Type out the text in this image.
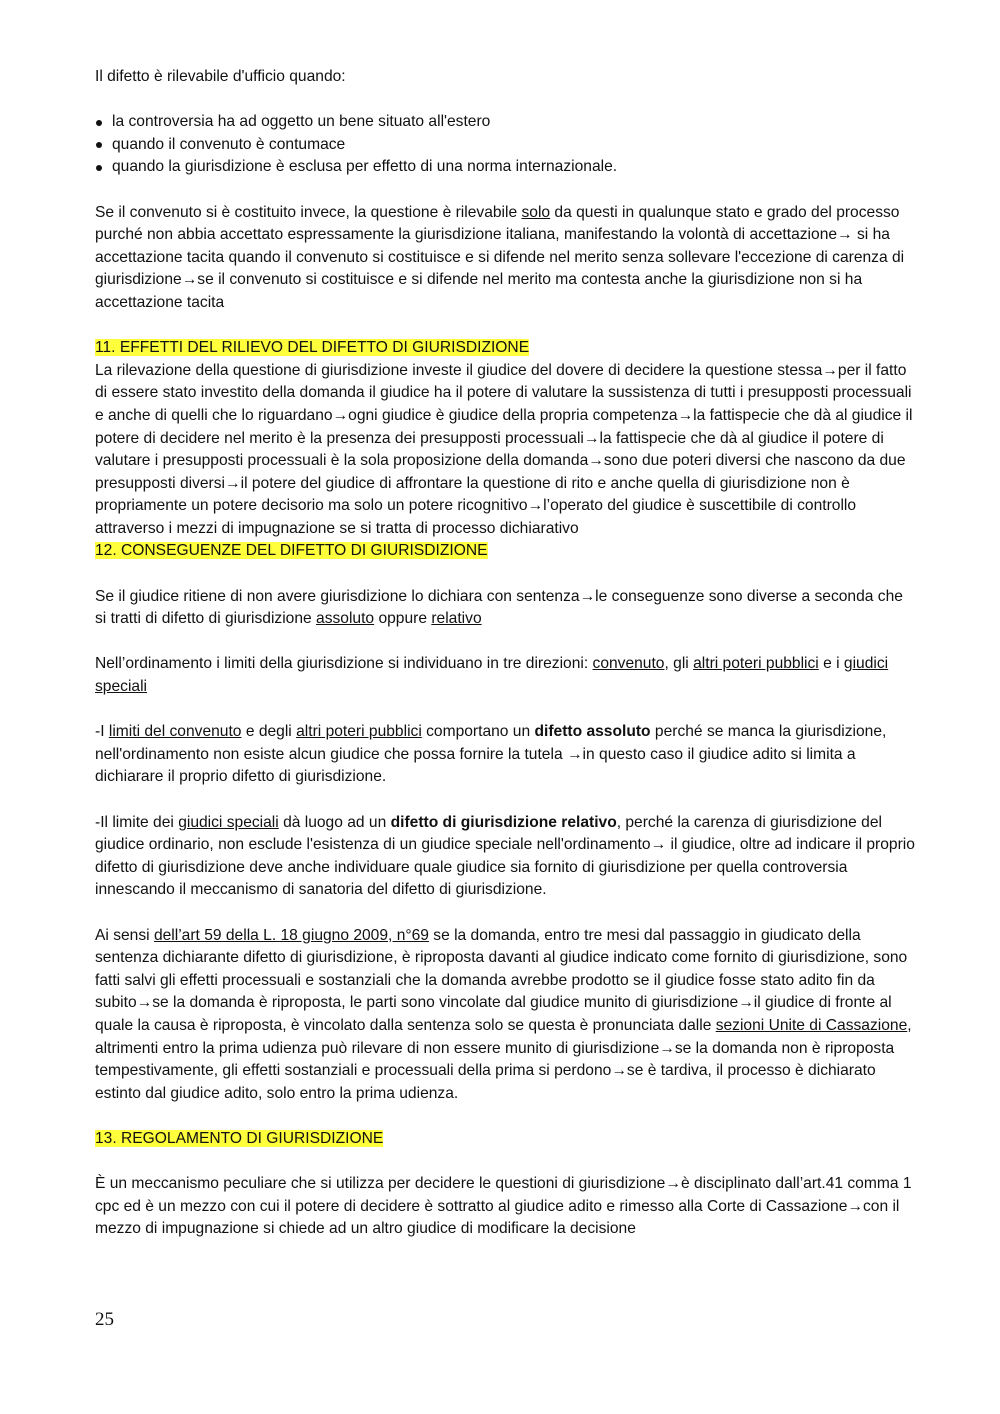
Il difetto è rilevabile d'ufficio quando:

la controversia ha ad oggetto un bene situato all'estero
quando il convenuto è contumace
quando la giurisdizione è esclusa per effetto di una norma internazionale.

Se il convenuto si è costituito invece, la questione è rilevabile solo da questi in qualunque stato e grado del processo purché non abbia accettato espressamente la giurisdizione italiana, manifestando la volontà di accettazione→ si ha accettazione tacita quando il convenuto si costituisce e si difende nel merito senza sollevare l'eccezione di carenza di giurisdizione→se il convenuto si costituisce e si difende nel merito ma contesta anche la giurisdizione non si ha accettazione tacita

11. EFFETTI DEL RILIEVO DEL DIFETTO DI GIURISDIZIONE

La rilevazione della questione di giurisdizione investe il giudice del dovere di decidere la questione stessa→per il fatto di essere stato investito della domanda il giudice ha il potere di valutare la sussistenza di tutti i presupposti processuali e anche di quelli che lo riguardano→ogni giudice è giudice della propria competenza→la fattispecie che dà al giudice il potere di decidere nel merito è la presenza dei presupposti processuali→la fattispecie che dà al giudice il potere di valutare i presupposti processuali è la sola proposizione della domanda→sono due poteri diversi che nascono da due presupposti diversi→il potere del giudice di affrontare la questione di rito e anche quella di giurisdizione non è propriamente un potere decisorio ma solo un potere ricognitivo→l’operato del giudice è suscettibile di controllo attraverso i mezzi di impugnazione se si tratta di processo dichiarativo

12. CONSEGUENZE DEL DIFETTO DI GIURISDIZIONE

Se il giudice ritiene di non avere giurisdizione lo dichiara con sentenza→le conseguenze sono diverse a seconda che si tratti di difetto di giurisdizione assoluto oppure relativo

Nell’ordinamento i limiti della giurisdizione si individuano in tre direzioni: convenuto, gli altri poteri pubblici e i giudici speciali

-I limiti del convenuto e degli altri poteri pubblici comportano un difetto assoluto perché se manca la giurisdizione, nell'ordinamento non esiste alcun giudice che possa fornire la tutela →in questo caso il giudice adito si limita a dichiarare il proprio difetto di giurisdizione.

-Il limite dei giudici speciali dà luogo ad un difetto di giurisdizione relativo, perché la carenza di giurisdizione del giudice ordinario, non esclude l'esistenza di un giudice speciale nell'ordinamento→ il giudice, oltre ad indicare il proprio difetto di giurisdizione deve anche individuare quale giudice sia fornito di giurisdizione per quella controversia innescando il meccanismo di sanatoria del difetto di giurisdizione.

Ai sensi dell’art 59 della L. 18 giugno 2009, n°69 se la domanda, entro tre mesi dal passaggio in giudicato della sentenza dichiarante difetto di giurisdizione, è riproposta davanti al giudice indicato come fornito di giurisdizione, sono fatti salvi gli effetti processuali e sostanziali che la domanda avrebbe prodotto se il giudice fosse stato adito fin da subito→se la domanda è riproposta, le parti sono vincolate dal giudice munito di giurisdizione→il giudice di fronte al quale la causa è riproposta, è vincolato dalla sentenza solo se questa è pronunciata dalle sezioni Unite di Cassazione, altrimenti entro la prima udienza può rilevare di non essere munito di giurisdizione→se la domanda non è riproposta tempestivamente, gli effetti sostanziali e processuali della prima si perdono→se è tardiva, il processo è dichiarato estinto dal giudice adito, solo entro la prima udienza.

13. REGOLAMENTO DI GIURISDIZIONE

È un meccanismo peculiare che si utilizza per decidere le questioni di giurisdizione→è disciplinato dall’art.41 comma 1 cpc ed è un mezzo con cui il potere di decidere è sottratto al giudice adito e rimesso alla Corte di Cassazione→con il mezzo di impugnazione si chiede ad un altro giudice di modificare la decisione

25
